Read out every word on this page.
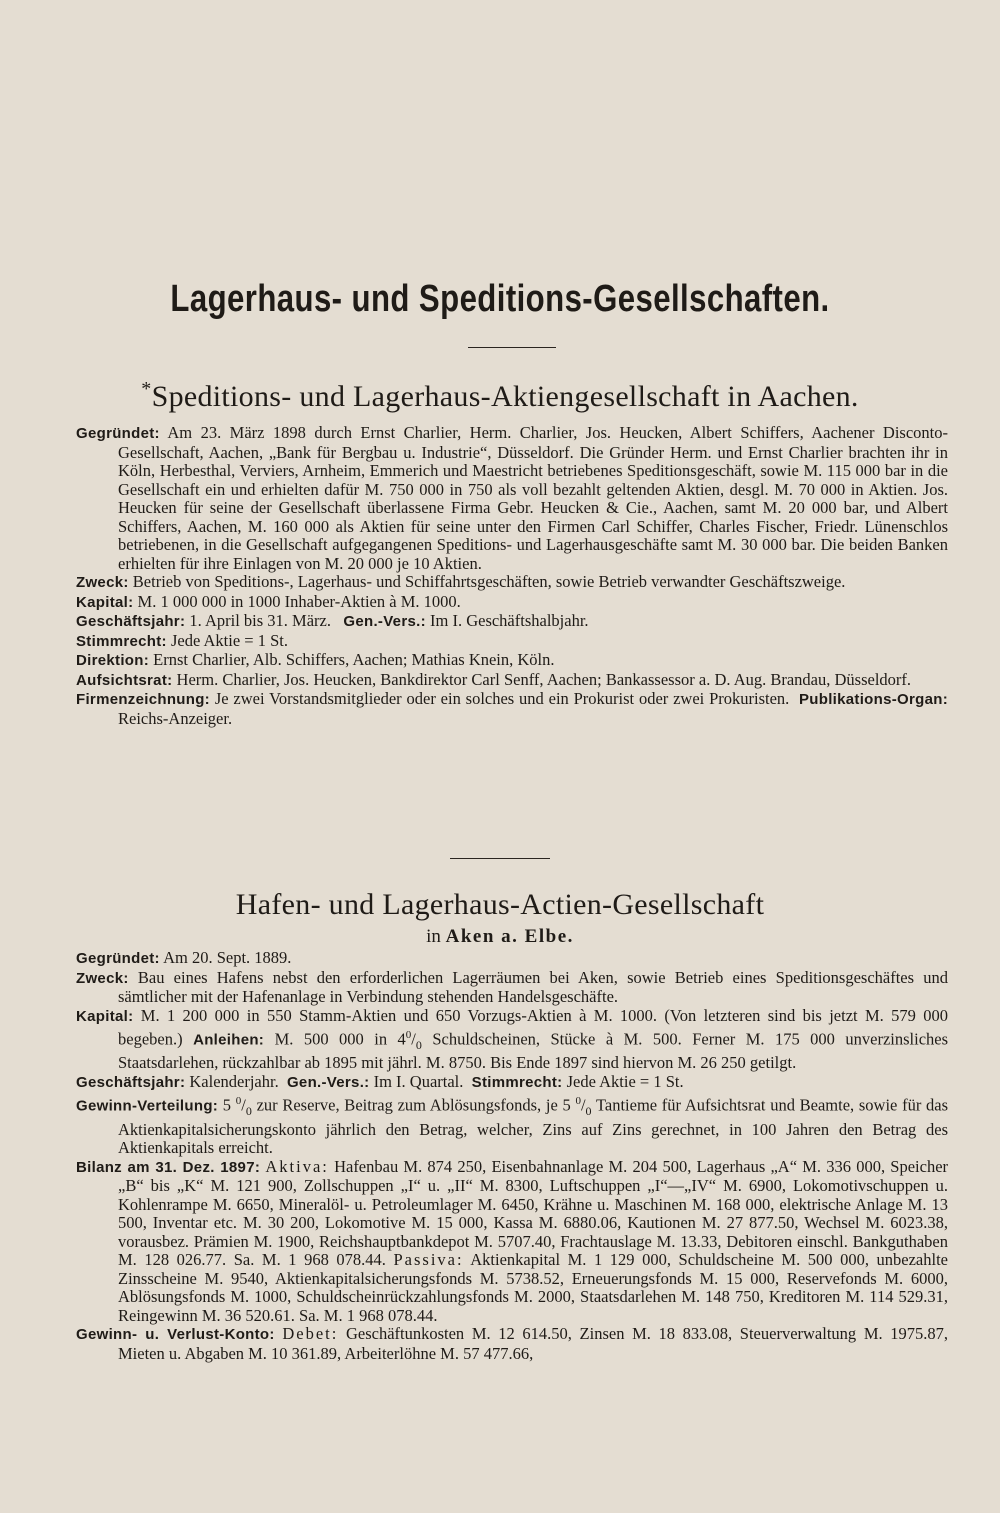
Lagerhaus- und Speditions-Gesellschaften.
*Speditions- und Lagerhaus-Aktiengesellschaft in Aachen.

Gegründet: Am 23. März 1898 durch Ernst Charlier, Herm. Charlier, Jos. Heucken, Albert Schiffers, Aachener Disconto-Gesellschaft, Aachen, „Bank für Bergbau u. Industrie“, Düsseldorf. Die Gründer Herm. und Ernst Charlier brachten ihr in Köln, Herbesthal, Verviers, Arnheim, Emmerich und Maestricht betriebenes Speditionsgeschäft, sowie M. 115 000 bar in die Gesellschaft ein und erhielten dafür M. 750 000 in 750 als voll bezahlt geltenden Aktien, desgl. M. 70 000 in Aktien. Jos. Heucken für seine der Gesellschaft überlassene Firma Gebr. Heucken & Cie., Aachen, samt M. 20 000 bar, und Albert Schiffers, Aachen, M. 160 000 als Aktien für seine unter den Firmen Carl Schiffer, Charles Fischer, Friedr. Lünenschlos betriebenen, in die Gesellschaft aufgegangenen Speditions- und Lagerhausgeschäfte samt M. 30 000 bar. Die beiden Banken erhielten für ihre Einlagen von M. 20 000 je 10 Aktien.

Zweck: Betrieb von Speditions-, Lagerhaus- und Schiffahrtsgeschäften, sowie Betrieb verwandter Geschäftszweige.

Kapital: M. 1 000 000 in 1000 Inhaber-Aktien à M. 1000.

Geschäftsjahr: 1. April bis 31. März. Gen.-Vers.: Im I. Geschäftshalbjahr.

Stimmrecht: Jede Aktie = 1 St.

Direktion: Ernst Charlier, Alb. Schiffers, Aachen; Mathias Knein, Köln.

Aufsichtsrat: Herm. Charlier, Jos. Heucken, Bankdirektor Carl Senff, Aachen; Bankassessor a. D. Aug. Brandau, Düsseldorf.

Firmenzeichnung: Je zwei Vorstandsmitglieder oder ein solches und ein Prokurist oder zwei Prokuristen. Publikations-Organ: Reichs-Anzeiger.

Hafen- und Lagerhaus-Actien-Gesellschaft

in Aken a. Elbe.

Gegründet: Am 20. Sept. 1889.

Zweck: Bau eines Hafens nebst den erforderlichen Lagerräumen bei Aken, sowie Betrieb eines Speditionsgeschäftes und sämtlicher mit der Hafenanlage in Verbindung stehenden Handelsgeschäfte.

Kapital: M. 1 200 000 in 550 Stamm-Aktien und 650 Vorzugs-Aktien à M. 1000. (Von letzteren sind bis jetzt M. 579 000 begeben.) Anleihen: M. 500 000 in $4^0/_0$ Schuldscheinen, Stücke à M. 500. Ferner M. 175 000 unverzinsliches Staatsdarlehen, rückzahlbar ab 1895 mit jährl. M. 8750. Bis Ende 1897 sind hiervon M. 26 250 getilgt.

Geschäftsjahr: Kalenderjahr. Gen.-Vers.: Im I. Quartal. Stimmrecht: Jede Aktie = 1 St.

Gewinn-Verteilung: 5 $^0/_0$ zur Reserve, Beitrag zum Ablösungsfonds, je 5 $^0/_0$ Tantieme für Aufsichtsrat und Beamte, sowie für das Aktienkapitalsicherungskonto jährlich den Betrag, welcher, Zins auf Zins gerechnet, in 100 Jahren den Betrag des Aktienkapitals erreicht.

Bilanz am 31. Dez. 1897: Aktiva: Hafenbau M. 874 250, Eisenbahnanlage M. 204 500, Lagerhaus „A“ M. 336 000, Speicher „B“ bis „K“ M. 121 900, Zollschuppen „I“ u. „II“ M. 8300, Luftschuppen „I“—„IV“ M. 6900, Lokomotivschuppen u. Kohlenrampe M. 6650, Mineralöl- u. Petroleumlager M. 6450, Krähne u. Maschinen M. 168 000, elektrische Anlage M. 13 500, Inventar etc. M. 30 200, Lokomotive M. 15 000, Kassa M. 6880.06, Kautionen M. 27 877.50, Wechsel M. 6023.38, vorausbez. Prämien M. 1900, Reichshauptbankdepot M. 5707.40, Frachtauslage M. 13.33, Debitoren einschl. Bankguthaben M. 128 026.77. Sa. M. 1 968 078.44. Passiva: Aktienkapital M. 1 129 000, Schuldscheine M. 500 000, unbezahlte Zinsscheine M. 9540, Aktienkapitalsicherungsfonds M. 5738.52, Erneuerungsfonds M. 15 000, Reservefonds M. 6000, Ablösungsfonds M. 1000, Schuldscheinrückzahlungsfonds M. 2000, Staatsdarlehen M. 148 750, Kreditoren M. 114 529.31, Reingewinn M. 36 520.61. Sa. M. 1 968 078.44.

Gewinn- u. Verlust-Konto: Debet: Geschäftunkosten M. 12 614.50, Zinsen M. 18 833.08, Steuerverwaltung M. 1975.87, Mieten u. Abgaben M. 10 361.89, Arbeiterlöhne M. 57 477.66,
